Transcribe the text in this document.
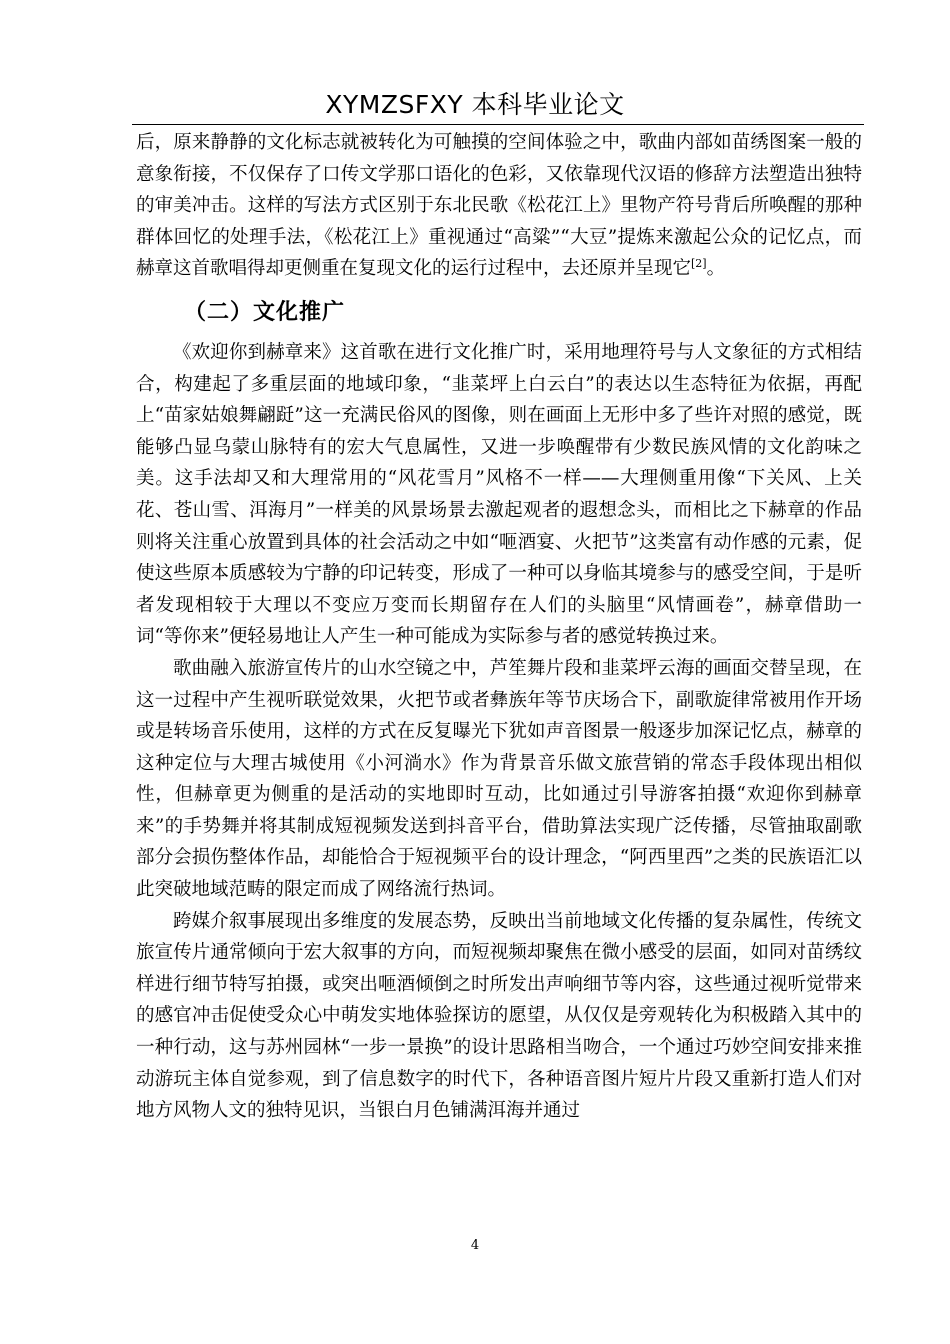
XYMZSFXY 本科毕业论文

后，原来静静的文化标志就被转化为可触摸的空间体验之中，歌曲内部如苗绣图案一般的意象衔接，不仅保存了口传文学那口语化的色彩，又依靠现代汉语的修辞方法塑造出独特的审美冲击。这样的写法方式区别于东北民歌《松花江上》里物产符号背后所唤醒的那种群体回忆的处理手法，《松花江上》重视通过“高粱”“大豆”提炼来激起公众的记忆点，而赫章这首歌唱得却更侧重在复现文化的运行过程中，去还原并呈现它[2]。

（二）文化推广

《欢迎你到赫章来》这首歌在进行文化推广时，采用地理符号与人文象征的方式相结合，构建起了多重层面的地域印象，“韭菜坪上白云白”的表达以生态特征为依据，再配上“苗家姑娘舞翩跹”这一充满民俗风的图像，则在画面上无形中多了些许对照的感觉，既能够凸显乌蒙山脉特有的宏大气息属性，又进一步唤醒带有少数民族风情的文化韵味之美。这手法却又和大理常用的“风花雪月”风格不一样——大理侧重用像“下关风、上关花、苍山雪、洱海月”一样美的风景场景去激起观者的遐想念头，而相比之下赫章的作品则将关注重心放置到具体的社会活动之中如“咂酒宴、火把节”这类富有动作感的元素，促使这些原本质感较为宁静的印记转变，形成了一种可以身临其境参与的感受空间，于是听者发现相较于大理以不变应万变而长期留存在人们的头脑里“风情画卷”，赫章借助一词“等你来”便轻易地让人产生一种可能成为实际参与者的感觉转换过来。

歌曲融入旅游宣传片的山水空镜之中，芦笙舞片段和韭菜坪云海的画面交替呈现，在这一过程中产生视听联觉效果，火把节或者彝族年等节庆场合下，副歌旋律常被用作开场或是转场音乐使用，这样的方式在反复曝光下犹如声音图景一般逐步加深记忆点，赫章的这种定位与大理古城使用《小河淌水》作为背景音乐做文旅营销的常态手段体现出相似性，但赫章更为侧重的是活动的实地即时互动，比如通过引导游客拍摄“欢迎你到赫章来”的手势舞并将其制成短视频发送到抖音平台，借助算法实现广泛传播，尽管抽取副歌部分会损伤整体作品，却能恰合于短视频平台的设计理念，“阿西里西”之类的民族语汇以此突破地域范畴的限定而成了网络流行热词。

跨媒介叙事展现出多维度的发展态势，反映出当前地域文化传播的复杂属性，传统文旅宣传片通常倾向于宏大叙事的方向，而短视频却聚焦在微小感受的层面，如同对苗绣纹样进行细节特写拍摄，或突出咂酒倾倒之时所发出声响细节等内容，这些通过视听觉带来的感官冲击促使受众心中萌发实地体验探访的愿望，从仅仅是旁观转化为积极踏入其中的一种行动，这与苏州园林“一步一景换”的设计思路相当吻合，一个通过巧妙空间安排来推动游玩主体自觉参观，到了信息数字的时代下，各种语音图片短片片段又重新打造人们对地方风物人文的独特见识，当银白月色铺满洱海并通过

4
